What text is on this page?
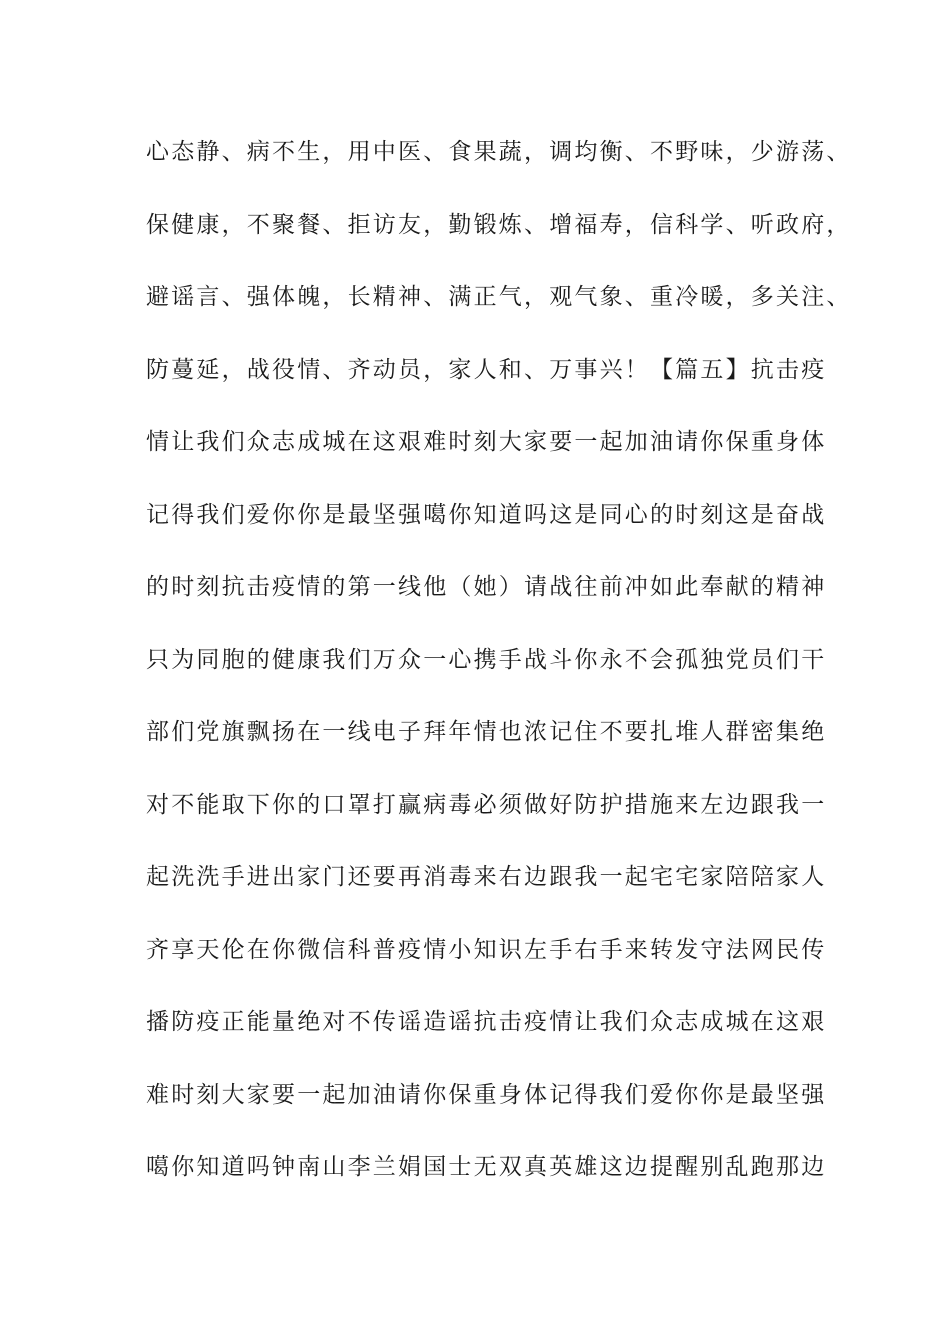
心态静、病不生，用中医、食果蔬，调均衡、不野味，少游荡、
保健康，不聚餐、拒访友，勤锻炼、增福寿，信科学、听政府，
避谣言、强体魄，长精神、满正气，观气象、重冷暖，多关注、
防蔓延，战役情、齐动员，家人和、万事兴！【篇五】抗击疫
情让我们众志成城在这艰难时刻大家要一起加油请你保重身体
记得我们爱你你是最坚强噶你知道吗这是同心的时刻这是奋战
的时刻抗击疫情的第一线他（她）请战往前冲如此奉献的精神
只为同胞的健康我们万众一心携手战斗你永不会孤独党员们干
部们党旗飘扬在一线电子拜年情也浓记住不要扎堆人群密集绝
对不能取下你的口罩打赢病毒必须做好防护措施来左边跟我一
起洗洗手进出家门还要再消毒来右边跟我一起宅宅家陪陪家人
齐享天伦在你微信科普疫情小知识左手右手来转发守法网民传
播防疫正能量绝对不传谣造谣抗击疫情让我们众志成城在这艰
难时刻大家要一起加油请你保重身体记得我们爱你你是最坚强
噶你知道吗钟南山李兰娟国士无双真英雄这边提醒别乱跑那边
